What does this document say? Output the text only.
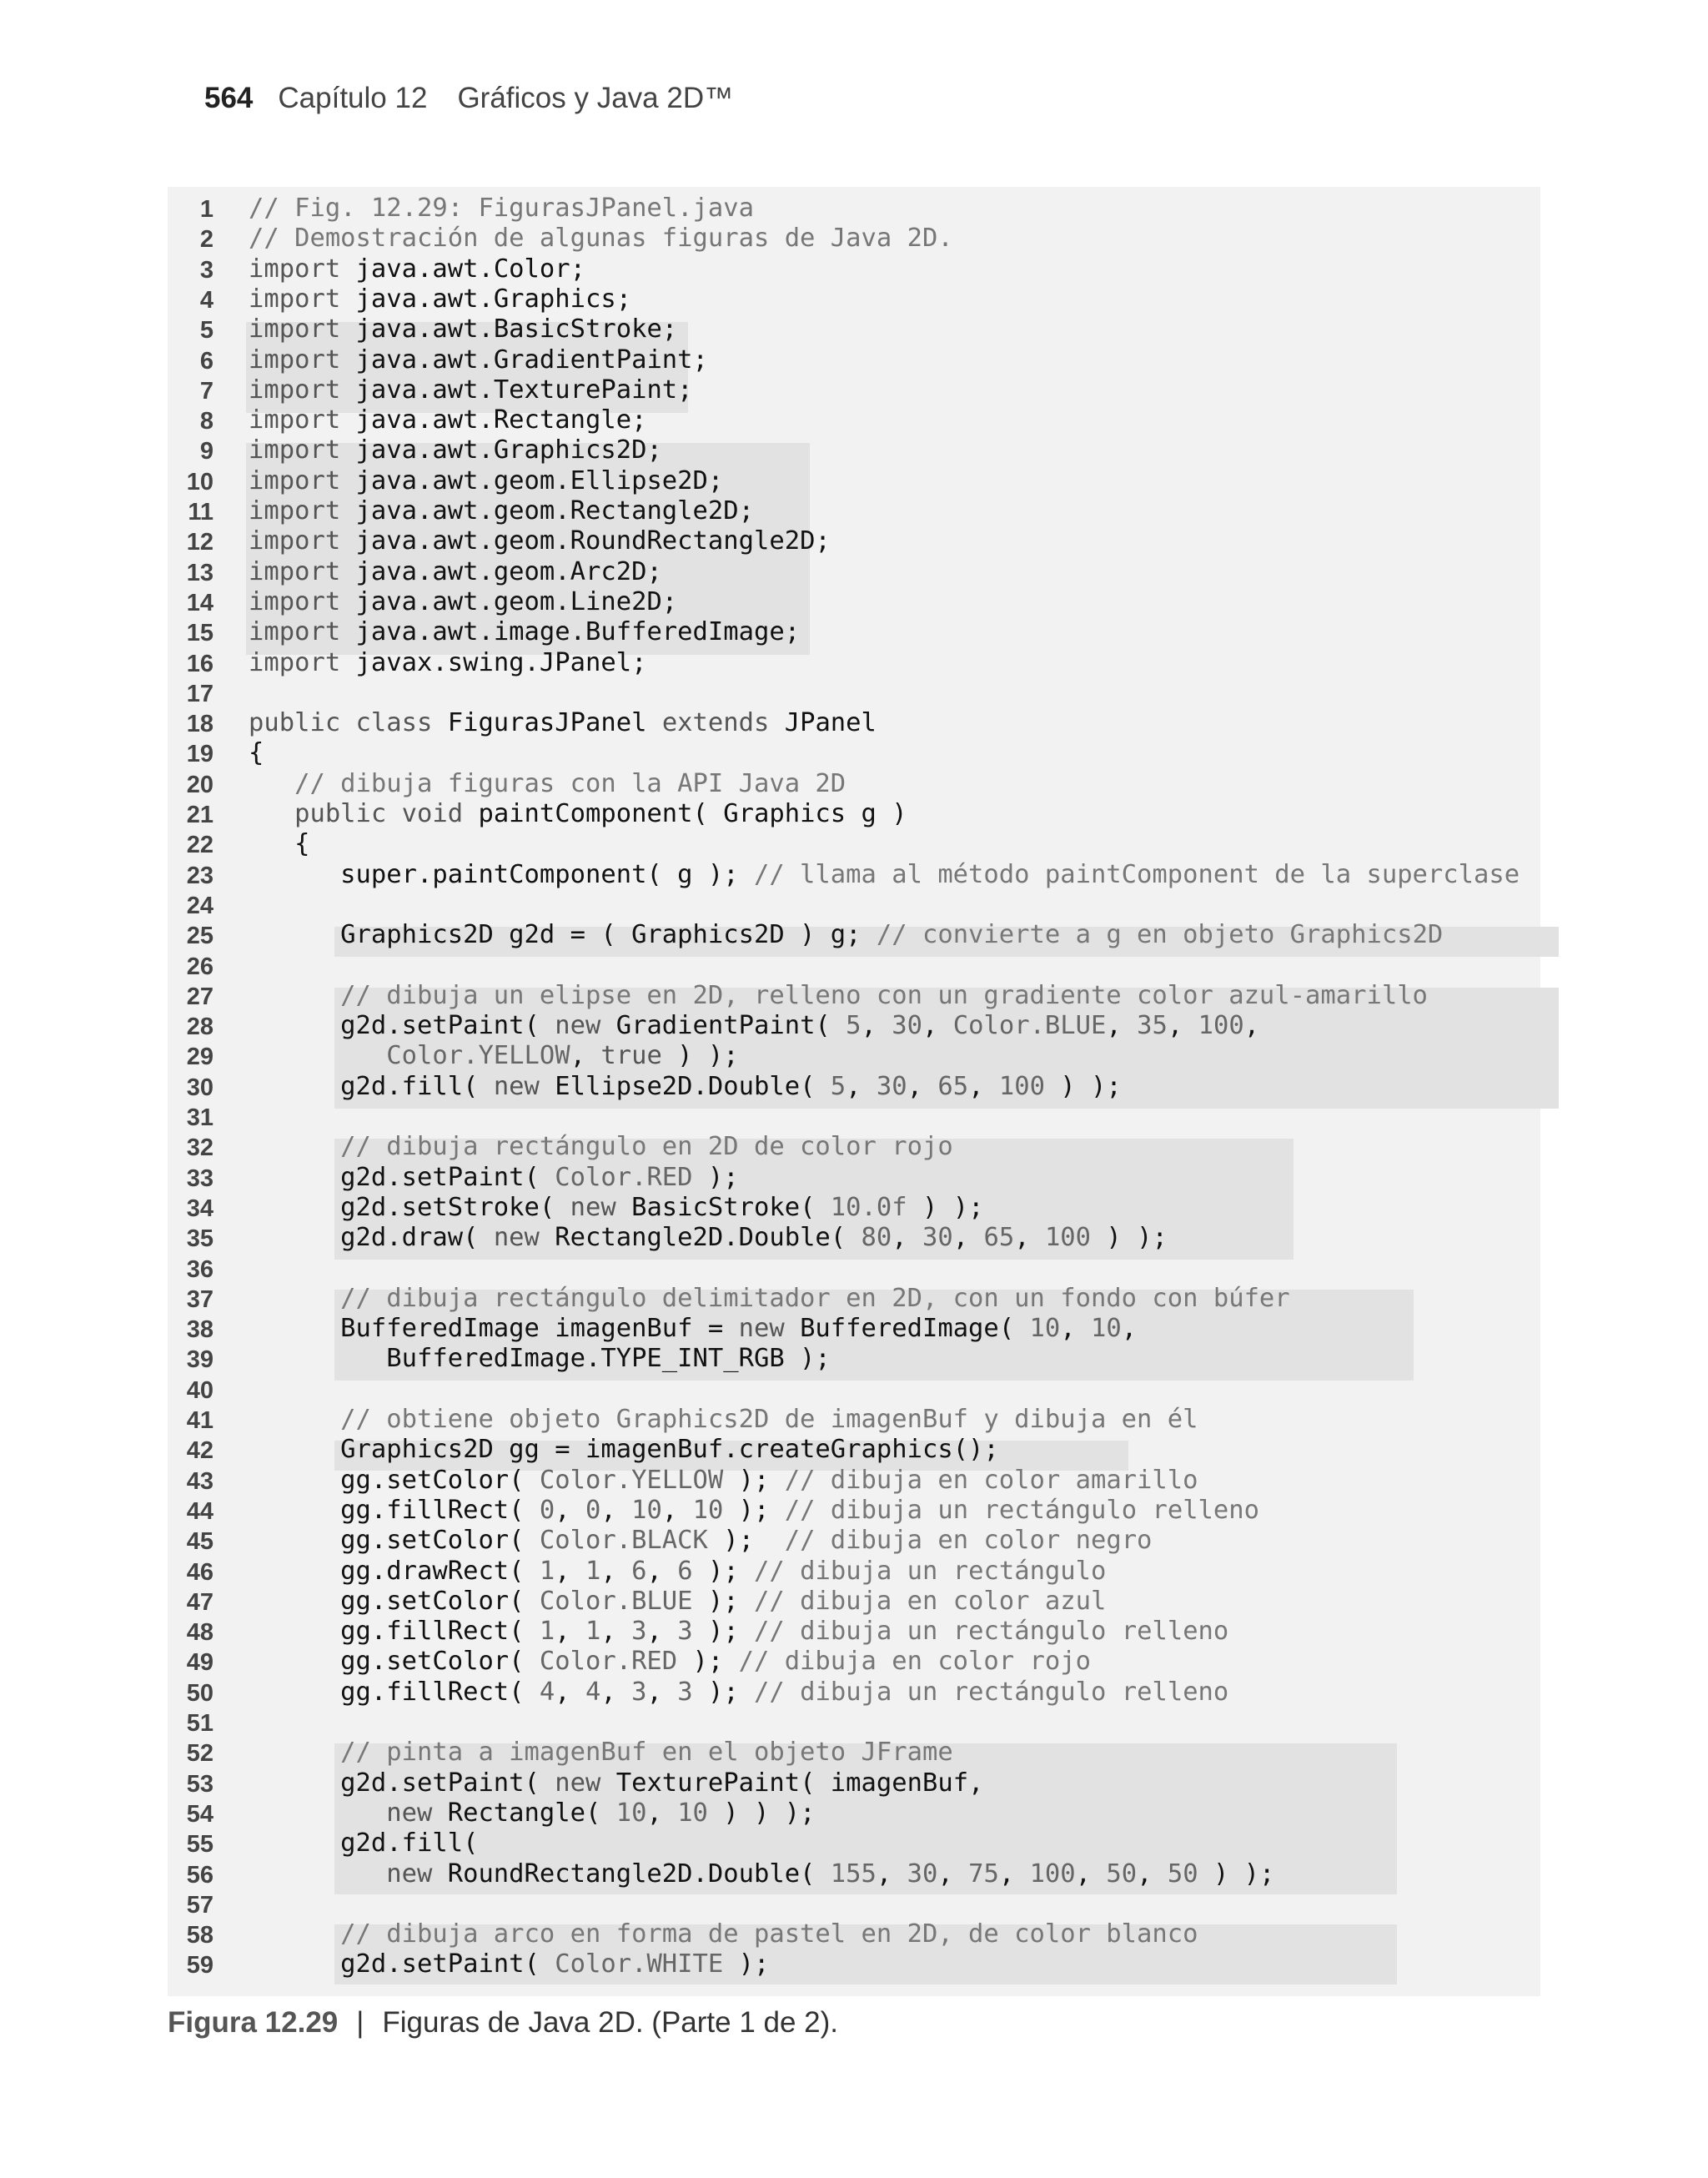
564 Capítulo 12 Gráficos y Java 2D™
1 // Fig. 12.29: FigurasJPanel.java
2 // Demostración de algunas figuras de Java 2D.
3 import java.awt.Color;
4 import java.awt.Graphics;
5 import java.awt.BasicStroke;
6 import java.awt.GradientPaint;
7 import java.awt.TexturePaint;
8 import java.awt.Rectangle;
9 import java.awt.Graphics2D;
10 import java.awt.geom.Ellipse2D;
11 import java.awt.geom.Rectangle2D;
12 import java.awt.geom.RoundRectangle2D;
13 import java.awt.geom.Arc2D;
14 import java.awt.geom.Line2D;
15 import java.awt.image.BufferedImage;
16 import javax.swing.JPanel;
17
18 public class FigurasJPanel extends JPanel
19 {
20 // dibuja figuras con la API Java 2D
21	public void paintComponent( Graphics g )
22 {
23 super.paintComponent( g ); // llama al método paintComponent de la superclase
24
25 Graphics2D g2d = ( Graphics2D ) g; // convierte a g en objeto Graphics2D
26
27 // dibuja un elipse en 2D, relleno con un gradiente color azul-amarillo
28 g2d.setPaint( new GradientPaint( 5, 30, Color.BLUE, 35, 100,
29	Color.YELLOW, true ) );
30 g2d.fill( new Ellipse2D.Double( 5, 30, 65, 100 ) );
31
32 // dibuja rectángulo en 2D de color rojo
33 g2d.setPaint( Color.RED );
34 g2d.setStroke( new BasicStroke( 10.0f ) );
35 g2d.draw( new Rectangle2D.Double( 80, 30, 65, 100 ) );
36
37 // dibuja rectángulo delimitador en 2D, con un fondo con búfer
38 BufferedImage imagenBuf = new BufferedImage( 10, 10,
39 BufferedImage.TYPE_INT_RGB );
40
41 // obtiene objeto Graphics2D de imagenBuf y dibuja en él
42 Graphics2D gg = imagenBuf.createGraphics();
43 gg.setColor( Color.YELLOW ); // dibuja en color amarillo
44 gg.fillRect( 0, 0, 10, 10 ); // dibuja un rectángulo relleno
45 gg.setColor( Color.BLACK );  // dibuja en color negro
46 gg.drawRect( 1, 1, 6, 6 ); // dibuja un rectángulo
47 gg.setColor( Color.BLUE ); // dibuja en color azul
48 gg.fillRect( 1, 1, 3, 3 ); // dibuja un rectángulo relleno
49 gg.setColor( Color.RED ); // dibuja en color rojo
50 gg.fillRect( 4, 4, 3, 3 ); // dibuja un rectángulo relleno
51
52 // pinta a imagenBuf en el objeto JFrame
53 g2d.setPaint( new TexturePaint( imagenBuf,
54	new Rectangle( 10, 10 ) ) );
55 g2d.fill(
56	new RoundRectangle2D.Double( 155, 30, 75, 100, 50, 50 ) );
57
58 // dibuja arco en forma de pastel en 2D, de color blanco
59 g2d.setPaint( Color.WHITE );
Figura 12.29 | Figuras de Java 2D. (Parte 1 de 2).
